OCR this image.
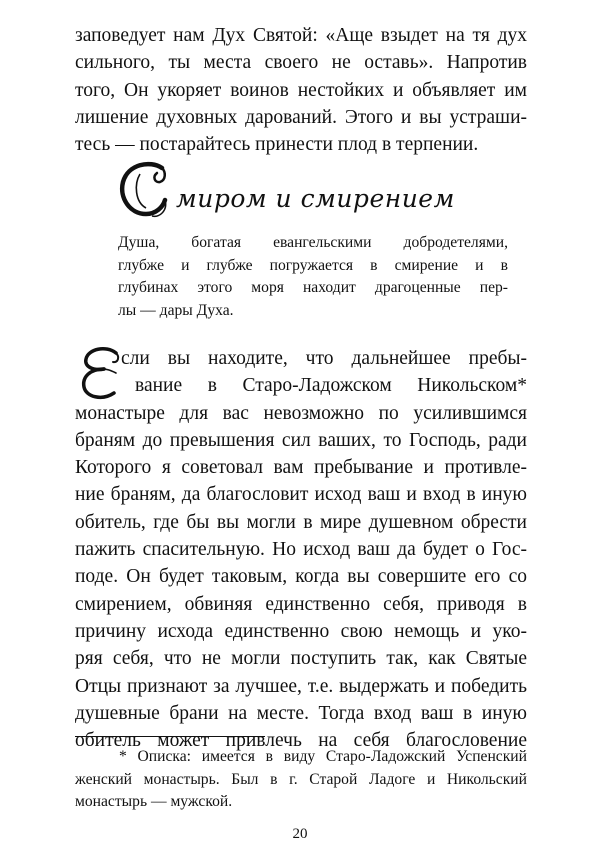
заповедует нам Дух Святой: «Аще взыдет на тя дух
сильного, ты места своего не оставь». Напротив
того, Он укоряет воинов нестойких и объявляет им
лишение духовных дарований. Этого и вы устраши-
тесь — постарайтесь принести плод в терпении.
миром и смирением
Душа, богатая евангельскими добродетелями,
глубже и глубже погружается в смирение и в
глубинах этого моря находит драгоценные пер-
лы — дары Духа.
сли вы находите, что дальнейшее пребы-
вание в Старо-Ладожском Никольском*
монастыре для вас невозможно по усилившимся
браням до превышения сил ваших, то Господь, ради
Которого я советовал вам пребывание и противле-
ние браням, да благословит исход ваш и вход в иную
обитель, где бы вы могли в мире душевном обрести
пажить спасительную. Но исход ваш да будет о Гос-
поде. Он будет таковым, когда вы совершите его со
смирением, обвиняя единственно себя, приводя в
причину исхода единственно свою немощь и уко-
ряя себя, что не могли поступить так, как Святые
Отцы признают за лучшее, т.е. выдержать и победить
душевные брани на месте. Тогда вход ваш в иную
обитель может привлечь на себя благословение
* Описка: имеется в виду Старо-Ладожский Успенский
женский монастырь. Был в г. Старой Ладоге и Никольский
монастырь — мужской.
20
